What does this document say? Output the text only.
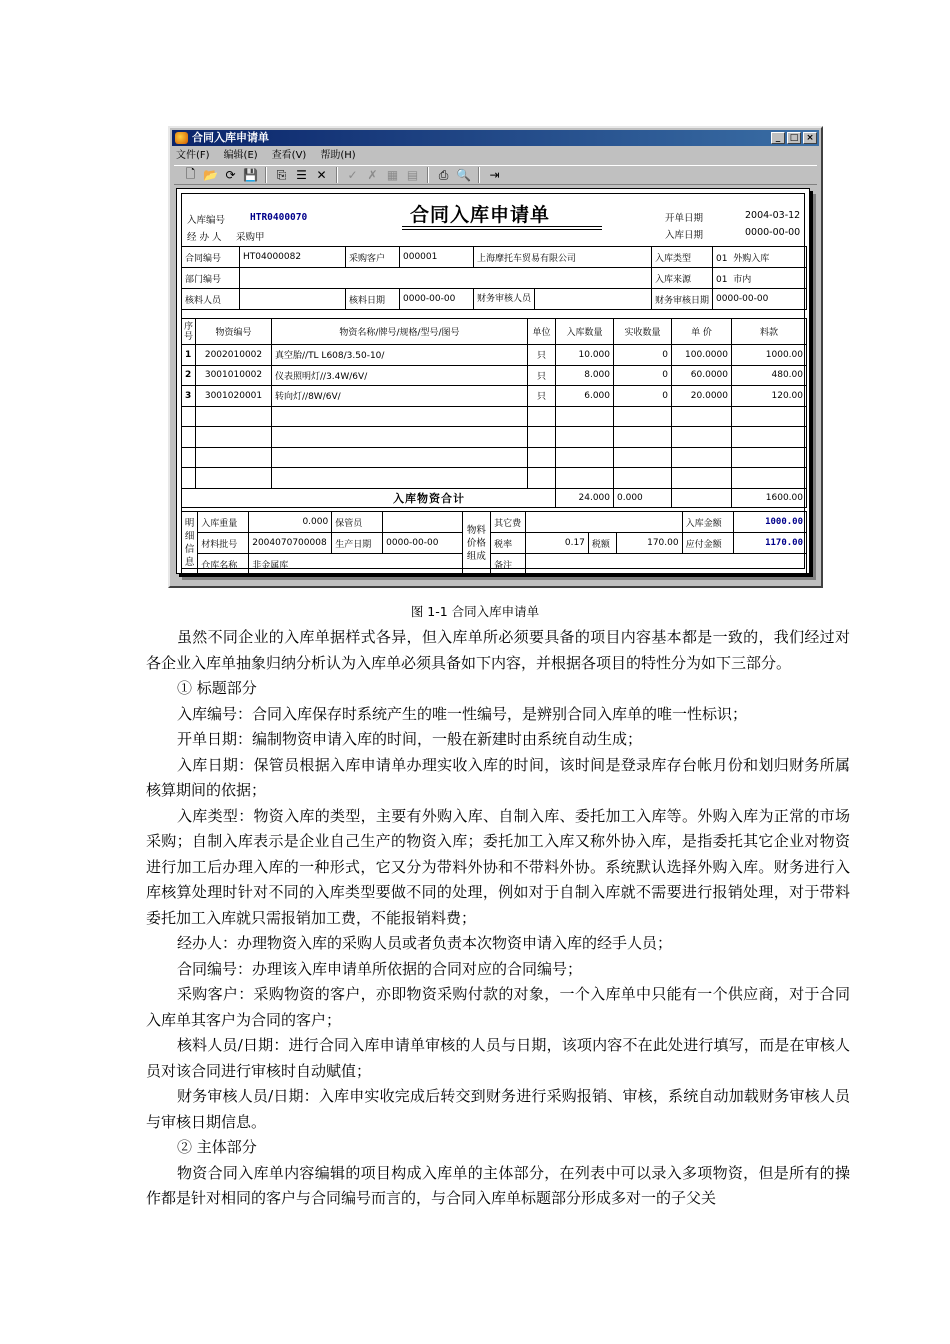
合同入库申请单	_	□ ×
文件(F) 编辑(E) 查看(V) 帮助(H)
🗋 📂 ⟳ 💾	⎘ ☰ ✕ ✓ ✗ ▦ ▤	⎙ 🔍 ⇥
入库编号	HTR0400070
经 办 人 采购甲
合同入库申请单	开单日期	2004-03-12
入库日期	0000-00-00
合同编号	HT04000082	采购客户	000001	上海摩托车贸易有限公司	入库类型	01 外购入库
部门编号					入库来源	01 市内
核料人员		核料日期	0000-00-00	财务审核人员	财务审核日期	0000-00-00
序号	物资编号	物资名称/牌号/规格/型号/图号	单位	入库数量	实收数量	单 价	料款
1	2002010002	真空胎//TL L608/3.50-10/	只	10.000	0	100.0000	1000.00
2	3001010002	仪表照明灯//3.4W/6V/	只	8.000	0	60.0000	480.00
3	3001020001	转向灯//8W/6V/	只	6.000	0	20.0000	120.00

入库物资合计				24.000	0.000		1600.00
明细信息	入库重量	0.000	保管员		物料价格组成	其它费				入库金额	1000.00
	材料批号	2004070700008	生产日期	0000-00-00		税率	0.17	税额	170.00	应付金额	1170.00
	仓库名称	非金属库				备注					
图 1-1 合同入库申请单

虽然不同企业的入库单据样式各异，但入库单所必须要具备的项目内容基本都是一致的，我们经过对各企业入库单抽象归纳分析认为入库单必须具备如下内容，并根据各项目的特性分为如下三部分。

① 标题部分

入库编号：合同入库保存时系统产生的唯一性编号，是辨别合同入库单的唯一性标识；

开单日期：编制物资申请入库的时间，一般在新建时由系统自动生成；

入库日期：保管员根据入库申请单办理实收入库的时间，该时间是登录库存台帐月份和划归财务所属核算期间的依据；

入库类型：物资入库的类型，主要有外购入库、自制入库、委托加工入库等。外购入库为正常的市场采购；自制入库表示是企业自己生产的物资入库；委托加工入库又称外协入库，是指委托其它企业对物资进行加工后办理入库的一种形式，它又分为带料外协和不带料外协。系统默认选择外购入库。财务进行入库核算处理时针对不同的入库类型要做不同的处理，例如对于自制入库就不需要进行报销处理，对于带料委托加工入库就只需报销加工费，不能报销料费；

经办人：办理物资入库的采购人员或者负责本次物资申请入库的经手人员；

合同编号：办理该入库申请单所依据的合同对应的合同编号；

采购客户：采购物资的客户，亦即物资采购付款的对象，一个入库单中只能有一个供应商，对于合同入库单其客户为合同的客户；

核料人员/日期：进行合同入库申请单审核的人员与日期，该项内容不在此处进行填写，而是在审核人员对该合同进行审核时自动赋值；

财务审核人员/日期：入库申实收完成后转交到财务进行采购报销、审核，系统自动加载财务审核人员与审核日期信息。

② 主体部分

物资合同入库单内容编辑的项目构成入库单的主体部分，在列表中可以录入多项物资，但是所有的操作都是针对相同的客户与合同编号而言的，与合同入库单标题部分形成多对一的子父关
